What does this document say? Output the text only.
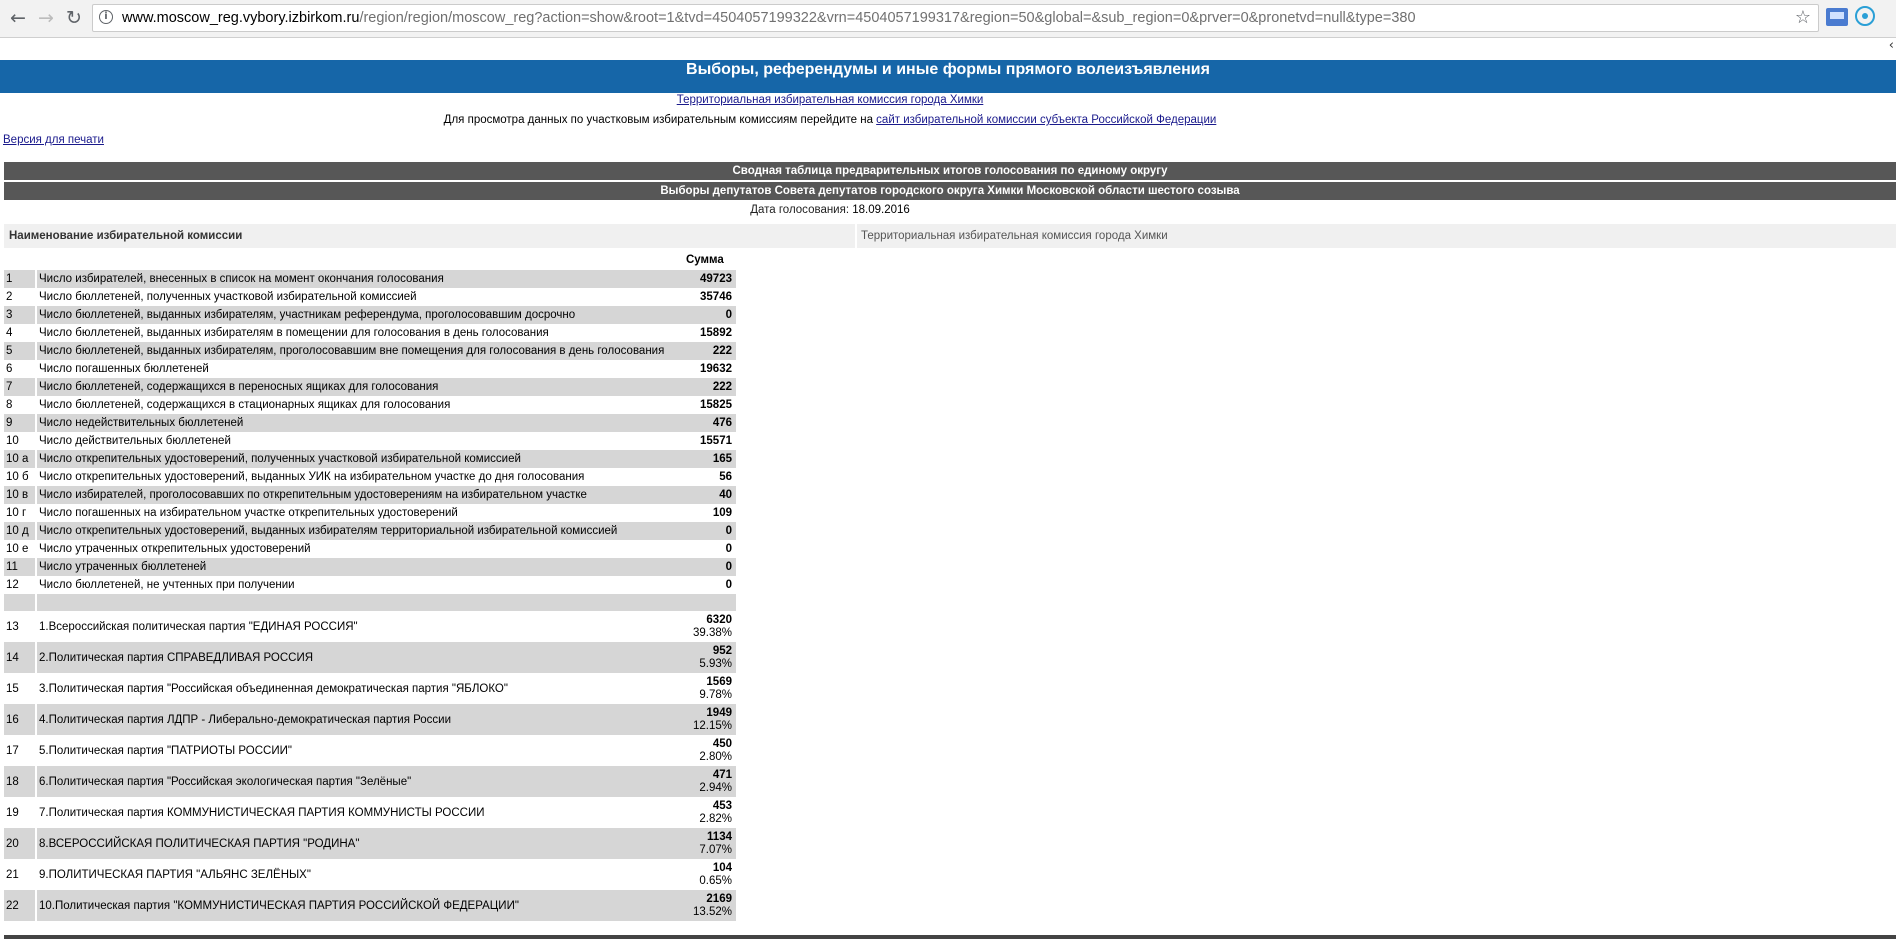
← → ↻	i www.moscow_reg.vybory.izbirkom.ru/region/region/moscow_reg?action=show&root=1&tvd=4504057199322&vrn=4504057199317&region=50&global=&sub_region=0&prver=0&pronetvd=null&type=380	☆
‹
Выборы, референдумы и иные формы прямого волеизъявления
Территориальная избирательная комиссия города Химки
Для просмотра данных по участковым избирательным комиссиям перейдите на сайт избирательной комиссии субъекта Российской Федерации
Версия для печати
Сводная таблица предварительных итогов голосования по единому округу
Выборы депутатов Совета депутатов городского округа Химки Московской области шестого созыва
Дата голосования: 18.09.2016
Наименование избирательной комиссии	Территориальная избирательная комиссия города Химки
Сумма
1	Число избирателей, внесенных в список на момент окончания голосования	49723
2	Число бюллетеней, полученных участковой избирательной комиссией	35746
3	Число бюллетеней, выданных избирателям, участникам референдума, проголосовавшим досрочно	0
4	Число бюллетеней, выданных избирателям в помещении для голосования в день голосования	15892
5	Число бюллетеней, выданных избирателям, проголосовавшим вне помещения для голосования в день голосования	222
6	Число погашенных бюллетеней	19632
7	Число бюллетеней, содержащихся в переносных ящиках для голосования	222
8	Число бюллетеней, содержащихся в стационарных ящиках для голосования	15825
9	Число недействительных бюллетеней	476
10	Число действительных бюллетеней	15571
10 а	Число открепительных удостоверений, полученных участковой избирательной комиссией	165
10 б	Число открепительных удостоверений, выданных УИК на избирательном участке до дня голосования	56
10 в	Число избирателей, проголосовавших по открепительным удостоверениям на избирательном участке	40
10 г	Число погашенных на избирательном участке открепительных удостоверений	109
10 д	Число открепительных удостоверений, выданных избирателям территориальной избирательной комиссией	0
10 е	Число утраченных открепительных удостоверений	0
11	Число утраченных бюллетеней	0
12	Число бюллетеней, не учтенных при получении	0

13	1.Всероссийская политическая партия "ЕДИНАЯ РОССИЯ"	6320
39.38%

14	2.Политическая партия СПРАВЕДЛИВАЯ РОССИЯ	952
5.93%

15	3.Политическая партия "Российская объединенная демократическая партия "ЯБЛОКО"	1569
9.78%

16	4.Политическая партия ЛДПР - Либерально-демократическая партия России	1949
12.15%

17	5.Политическая партия "ПАТРИОТЫ РОССИИ"	450
2.80%

18	6.Политическая партия "Российская экологическая партия "Зелёные"	471
2.94%

19	7.Политическая партия КОММУНИСТИЧЕСКАЯ ПАРТИЯ КОММУНИСТЫ РОССИИ	453
2.82%

20	8.ВСЕРОССИЙСКАЯ ПОЛИТИЧЕСКАЯ ПАРТИЯ "РОДИНА"	1134
7.07%

21	9.ПОЛИТИЧЕСКАЯ ПАРТИЯ "АЛЬЯНС ЗЕЛЁНЫХ"	104
0.65%

22	10.Политическая партия "КОММУНИСТИЧЕСКАЯ ПАРТИЯ РОССИЙСКОЙ ФЕДЕРАЦИИ"	2169
13.52%
